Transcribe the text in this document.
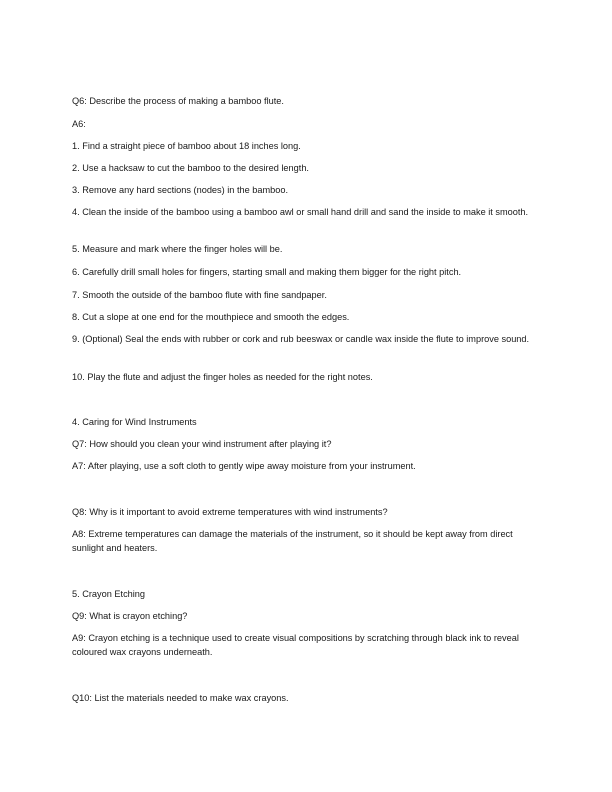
Q6: Describe the process of making a bamboo flute.
A6:
1. Find a straight piece of bamboo about 18 inches long.
2. Use a hacksaw to cut the bamboo to the desired length.
3. Remove any hard sections (nodes) in the bamboo.
4. Clean the inside of the bamboo using a bamboo awl or small hand drill and sand the inside to make it smooth.
5. Measure and mark where the finger holes will be.
6. Carefully drill small holes for fingers, starting small and making them bigger for the right pitch.
7. Smooth the outside of the bamboo flute with fine sandpaper.
8. Cut a slope at one end for the mouthpiece and smooth the edges.
9. (Optional) Seal the ends with rubber or cork and rub beeswax or candle wax inside the flute to improve sound.
10. Play the flute and adjust the finger holes as needed for the right notes.
4. Caring for Wind Instruments
Q7: How should you clean your wind instrument after playing it?
A7: After playing, use a soft cloth to gently wipe away moisture from your instrument.
Q8: Why is it important to avoid extreme temperatures with wind instruments?
A8: Extreme temperatures can damage the materials of the instrument, so it should be kept away from direct sunlight and heaters.
5. Crayon Etching
Q9: What is crayon etching?
A9: Crayon etching is a technique used to create visual compositions by scratching through black ink to reveal coloured wax crayons underneath.
Q10: List the materials needed to make wax crayons.
